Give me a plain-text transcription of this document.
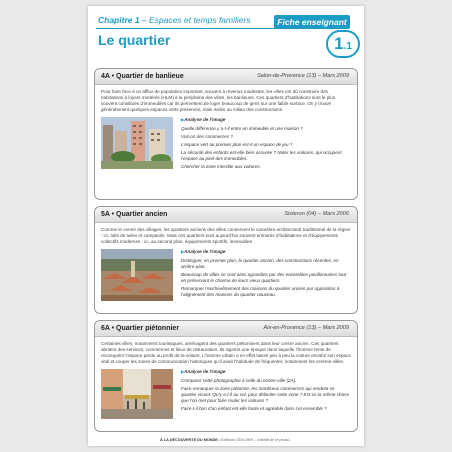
Chapitre 1 – Espaces et temps familiers	Fiche enseignant
1.1
Le quartier
4A • Quartier de banlieue	Salon-de-Provence (13) – Mars 2009
Pour faire face à un afflux de population important, souvent à revenus modestes, les villes ont dû construire des habitations à loyers modérés (HLM) à la périphérie des villes, les banlieues. Ces quartiers d’habitations sont le plus souvent constitués d’immeubles car ils permettent de loger beaucoup de gens sur une faible surface. On y trouve généralement quelques espaces verts préservés, mais isolés au milieu des constructions.
▶ Analyse de l’image
Quelle différence y a-t-il entre un immeuble et une maison ?
Voit-on des commerces ?
L’espace vert au premier plan est-il un espace de jeu ?
La sécurité des enfants est-elle bien assurée ? Noter les voitures, qui occupent l’espace au pied des immeubles.
Chercher la zone interdite aux voitures.
5A • Quartier ancien	Sisteron (04) – Mars 2006
Comme le centre des villages, les quartiers anciens des villes conservent le caractère architectural traditionnel de la région : ici, toits de tuiles et campanile. Mais ces quartiers sont aujourd’hui souvent entourés d’habitations et d’équipements collectifs modernes : ici, au second plan, équipements sportifs, immeubles.
▶ Analyse de l’image
Distinguer, en premier plan, le quartier ancien, des constructions récentes, en arrière-plan.
Beaucoup de villes se sont ainsi agrandies par des ensembles pavillonnaires tout en préservant le charme de leurs vieux quartiers.
Remarquer l’enchevêtrement des maisons du quartier ancien par opposition à l’alignement des maisons du quartier nouveau.
6A • Quartier piétonnier	Aix-en-Provence (13) – Mars 2009
Certaines villes, notamment touristiques, aménagent des quartiers piétonniers dans leur centre ancien. Ces quartiers abritent des services, commerces et lieux de restauration. Ils signent une époque dans laquelle l’homme tente de reconquérir l’espace perdu au profit de la voiture. L’homme urbain a en effet laissé peu à peu la voiture envahir son espace vital et couper les zones de communication historiques qu’il avait l’habitude de fréquenter, notamment les centres-villes.
▶ Analyse de l’image
Comparer cette photographie à celle du centre-ville (2A).
Faire remarquer la zone piétonne, les nombreux commerces qui rendent ce quartier vivant. Qu’y a-t-il au sol, pour délimiter cette zone ? Est-ce la même chose que l’on met pour faire rouler les voitures ?
Faire-t-il bon d’un enfant est-elle facile et agréable dans cet ensemble ?
À LA DÉCOUVERTE DU MONDE • Éditions ODILON® – Interdit de le photo...
